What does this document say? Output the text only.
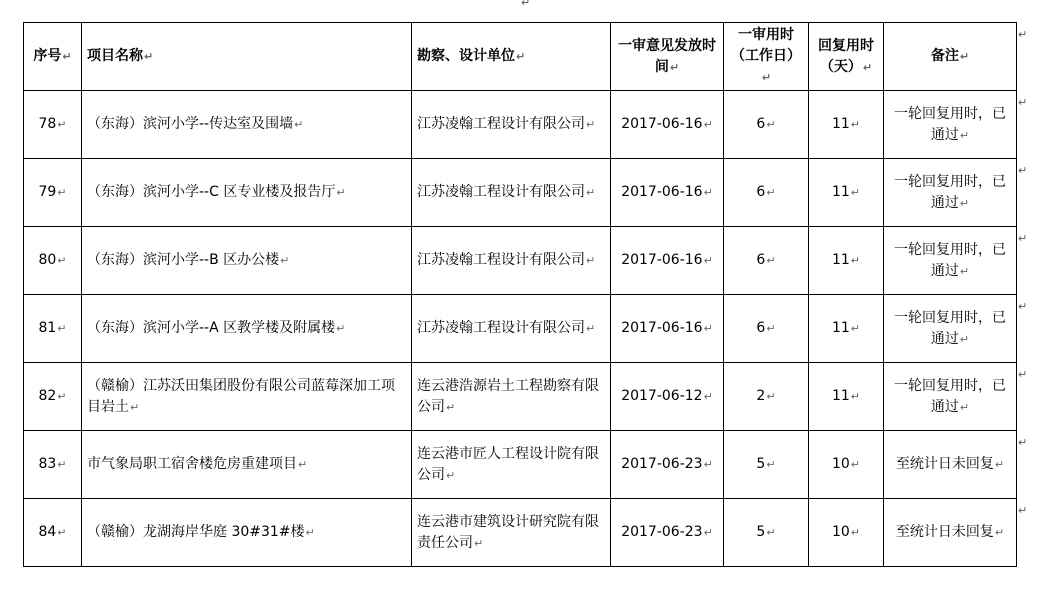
↵
序号↵	项目名称↵	勘察、设计单位↵	一审意见发放时间↵	一审用时（工作日）↵	回复用时（天）↵	备注↵
78↵	（东海）滨河小学--传达室及围墙↵	江苏凌翰工程设计有限公司↵	2017-06-16↵	6↵	11↵	一轮回复用时，已通过↵
79↵	（东海）滨河小学--C 区专业楼及报告厅↵	江苏凌翰工程设计有限公司↵	2017-06-16↵	6↵	11↵	一轮回复用时，已通过↵
80↵	（东海）滨河小学--B 区办公楼↵	江苏凌翰工程设计有限公司↵	2017-06-16↵	6↵	11↵	一轮回复用时，已通过↵
81↵	（东海）滨河小学--A 区教学楼及附属楼↵	江苏凌翰工程设计有限公司↵	2017-06-16↵	6↵	11↵	一轮回复用时，已通过↵
82↵	（赣榆）江苏沃田集团股份有限公司蓝莓深加工项目岩土↵	连云港浩源岩土工程勘察有限公司↵	2017-06-12↵	2↵	11↵	一轮回复用时，已通过↵
83↵	市气象局职工宿舍楼危房重建项目↵	连云港市匠人工程设计院有限公司↵	2017-06-23↵	5↵	10↵	至统计日未回复↵
84↵	（赣榆）龙湖海岸华庭 30#31#楼↵	连云港市建筑设计研究院有限责任公司↵	2017-06-23↵	5↵	10↵	至统计日未回复↵
↵
↵
↵
↵
↵
↵
↵
↵
